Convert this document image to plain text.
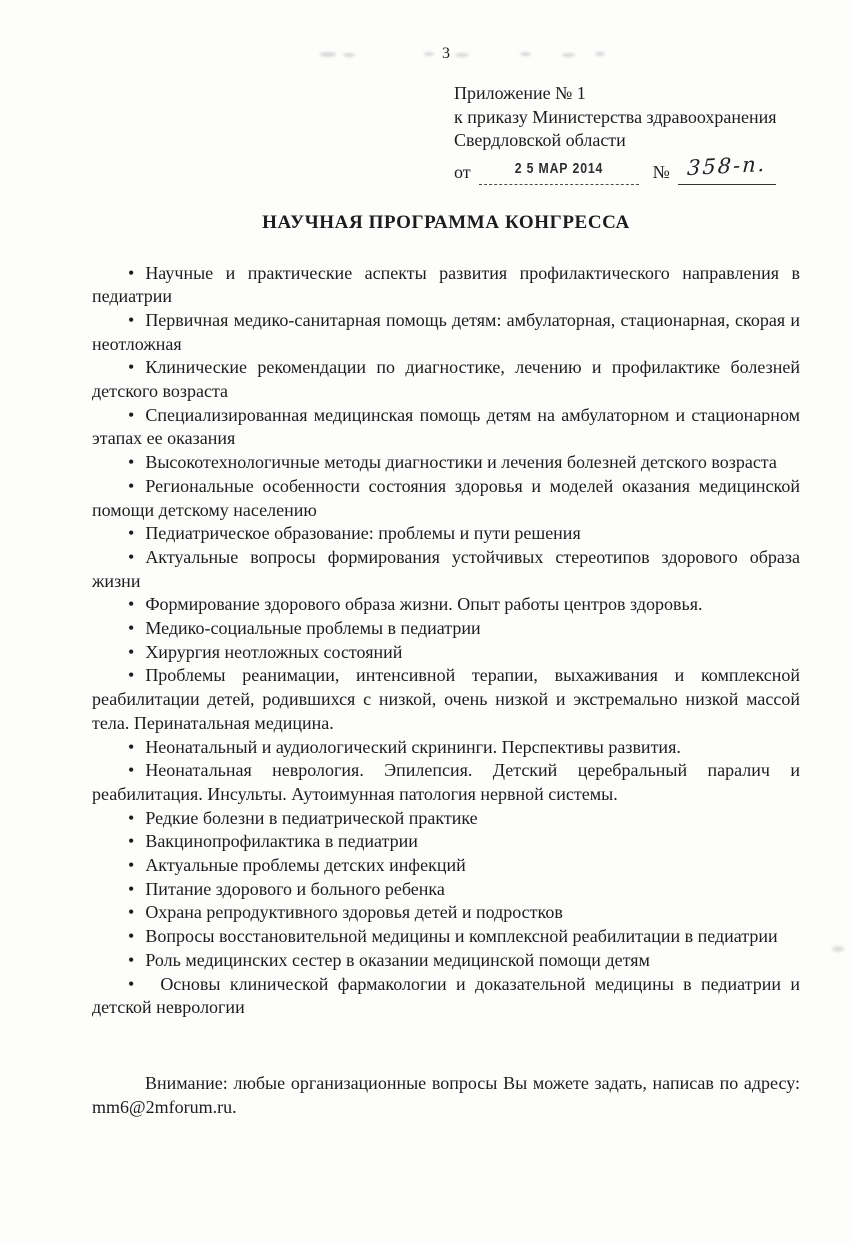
3
Приложение № 1
к приказу Министерства здравоохранения
Свердловской области
от	2 5 МАР 2014	№ 358-п.
НАУЧНАЯ ПРОГРАММА КОНГРЕССА

• Научные и практические аспекты развития профилактического направления в педиатрии

• Первичная медико-санитарная помощь детям: амбулаторная, стационарная, скорая и неотложная

• Клинические рекомендации по диагностике, лечению и профилактике болезней детского возраста

• Специализированная медицинская помощь детям на амбулаторном и стационарном этапах ее оказания

• Высокотехнологичные методы диагностики и лечения болезней детского возраста

• Региональные особенности состояния здоровья и моделей оказания медицинской помощи детскому населению

• Педиатрическое образование: проблемы и пути решения

• Актуальные вопросы формирования устойчивых стереотипов здорового образа жизни

• Формирование здорового образа жизни. Опыт работы центров здоровья.

• Медико-социальные проблемы в педиатрии

• Хирургия неотложных состояний

• Проблемы реанимации, интенсивной терапии, выхаживания и комплексной реабилитации детей, родившихся с низкой, очень низкой и экстремально низкой массой тела. Перинатальная медицина.

• Неонатальный и аудиологический скрининги. Перспективы развития.

• Неонатальная неврология. Эпилепсия. Детский церебральный паралич и реабилитация. Инсульты. Аутоимунная патология нервной системы.

• Редкие болезни в педиатрической практике

• Вакцинопрофилактика в педиатрии

• Актуальные проблемы детских инфекций

• Питание здорового и больного ребенка

• Охрана репродуктивного здоровья детей и подростков

• Вопросы восстановительной медицины и комплексной реабилитации в педиатрии

• Роль медицинских сестер в оказании медицинской помощи детям

• Основы клинической фармакологии и доказательной медицины в педиатрии и детской неврологии

Внимание: любые организационные вопросы Вы можете задать, написав по адресу: mm6@2mforum.ru.
